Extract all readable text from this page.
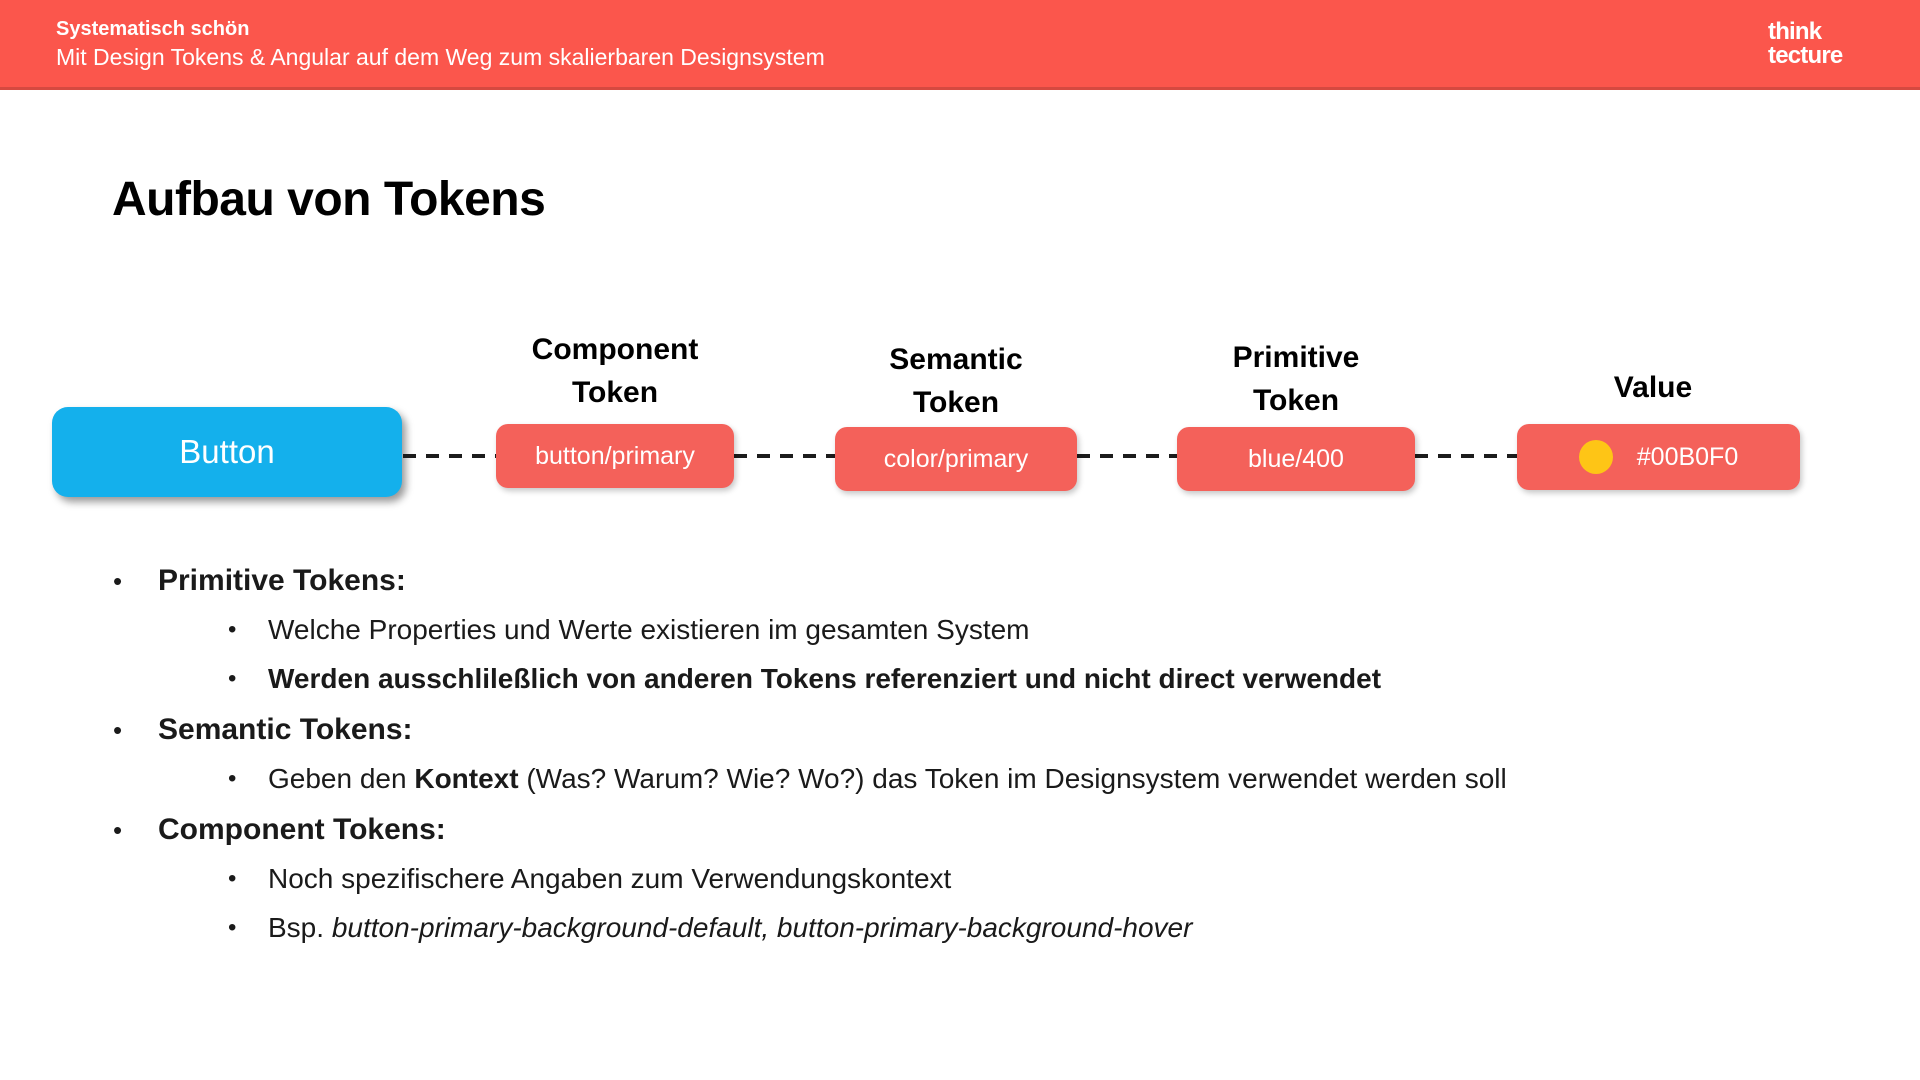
Systematisch schön
Mit Design Tokens & Angular auf dem Weg zum skalierbaren Designsystem
think
tecture
Aufbau von Tokens
Component Token
Semantic Token
Primitive Token	Value
Button	button/primary	color/primary	blue/400	#00B0F0
•
Primitive Tokens:
•
Welche Properties und Werte existieren im gesamten System
•
Werden ausschlileßlich von anderen Tokens referenziert und nicht direct verwendet
•
Semantic Tokens:
•
Geben den Kontext (Was? Warum? Wie? Wo?) das Token im Designsystem verwendet werden soll
•
Component Tokens:
•
Noch spezifischere Angaben zum Verwendungskontext
•
Bsp. button-primary-background-default, button-primary-background-hover
